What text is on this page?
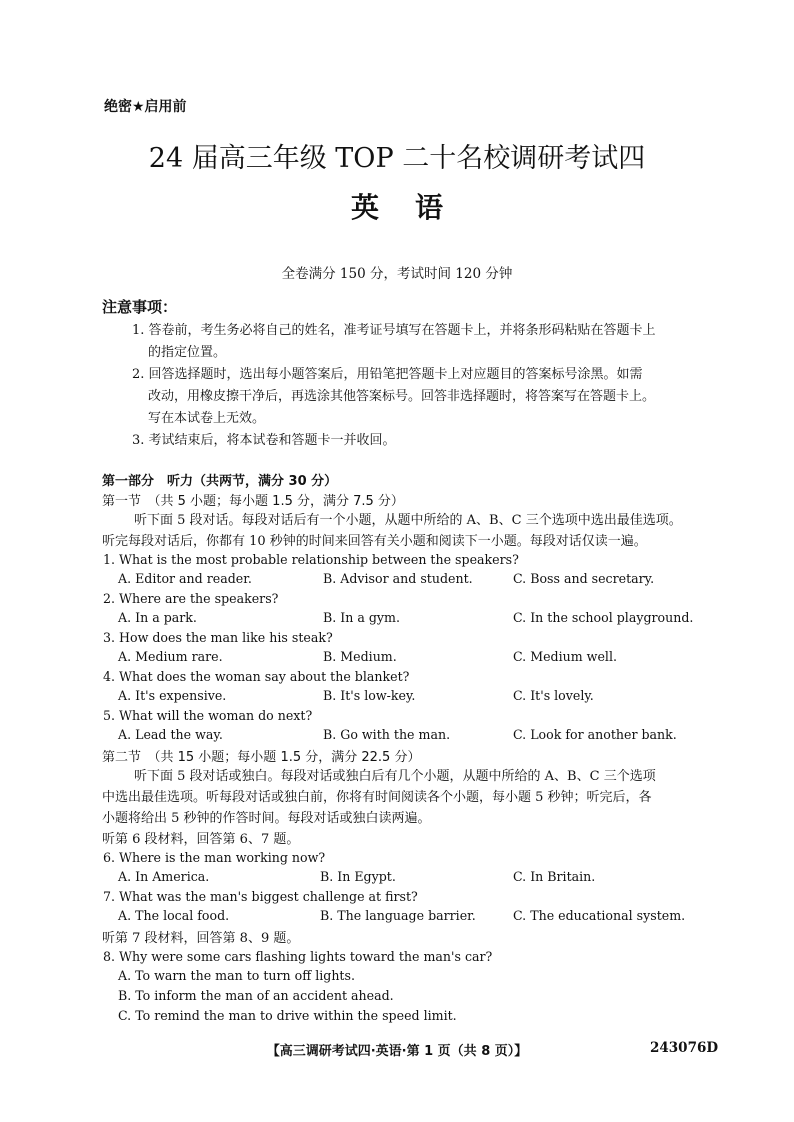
绝密★启用前
24 届高三年级 TOP 二十名校调研考试四
英语
全卷满分 150 分，考试时间 120 分钟
注意事项：
1. 答卷前，考生务必将自己的姓名，准考证号填写在答题卡上，并将条形码粘贴在答题卡上
的指定位置。
2. 回答选择题时，选出每小题答案后，用铅笔把答题卡上对应题目的答案标号涂黑。如需
改动，用橡皮擦干净后，再选涂其他答案标号。回答非选择题时，将答案写在答题卡上。
写在本试卷上无效。
3. 考试结束后，将本试卷和答题卡一并收回。
第一部分　听力（共两节，满分 30 分）
第一节　（共 5 小题；每小题 1.5 分，满分 7.5 分）
听下面 5 段对话。每段对话后有一个小题，从题中所给的 A、B、C 三个选项中选出最佳选项。
听完每段对话后，你都有 10 秒钟的时间来回答有关小题和阅读下一小题。每段对话仅读一遍。
1. What is the most probable relationship between the speakers?
A. Editor and reader.	B. Advisor and student.	C. Boss and secretary.
2. Where are the speakers?
A. In a park.	B. In a gym.	C. In the school playground.
3. How does the man like his steak?
A. Medium rare.	B. Medium.	C. Medium well.
4. What does the woman say about the blanket?
A. It's expensive.	B. It's low-key.	C. It's lovely.
5. What will the woman do next?
A. Lead the way.	B. Go with the man.	C. Look for another bank.
第二节　（共 15 小题；每小题 1.5 分，满分 22.5 分）
听下面 5 段对话或独白。每段对话或独白后有几个小题，从题中所给的 A、B、C 三个选项
中选出最佳选项。听每段对话或独白前，你将有时间阅读各个小题，每小题 5 秒钟；听完后，各
小题将给出 5 秒钟的作答时间。每段对话或独白读两遍。
听第 6 段材料，回答第 6、7 题。
6. Where is the man working now?
A. In America.	B. In Egypt.	C. In Britain.
7. What was the man's biggest challenge at first?
A. The local food.	B. The language barrier.	C. The educational system.
听第 7 段材料，回答第 8、9 题。
8. Why were some cars flashing lights toward the man's car?
A. To warn the man to turn off lights.
B. To inform the man of an accident ahead.
C. To remind the man to drive within the speed limit.
【高三调研考试四·英语·第 1 页（共 8 页）】	243076D
